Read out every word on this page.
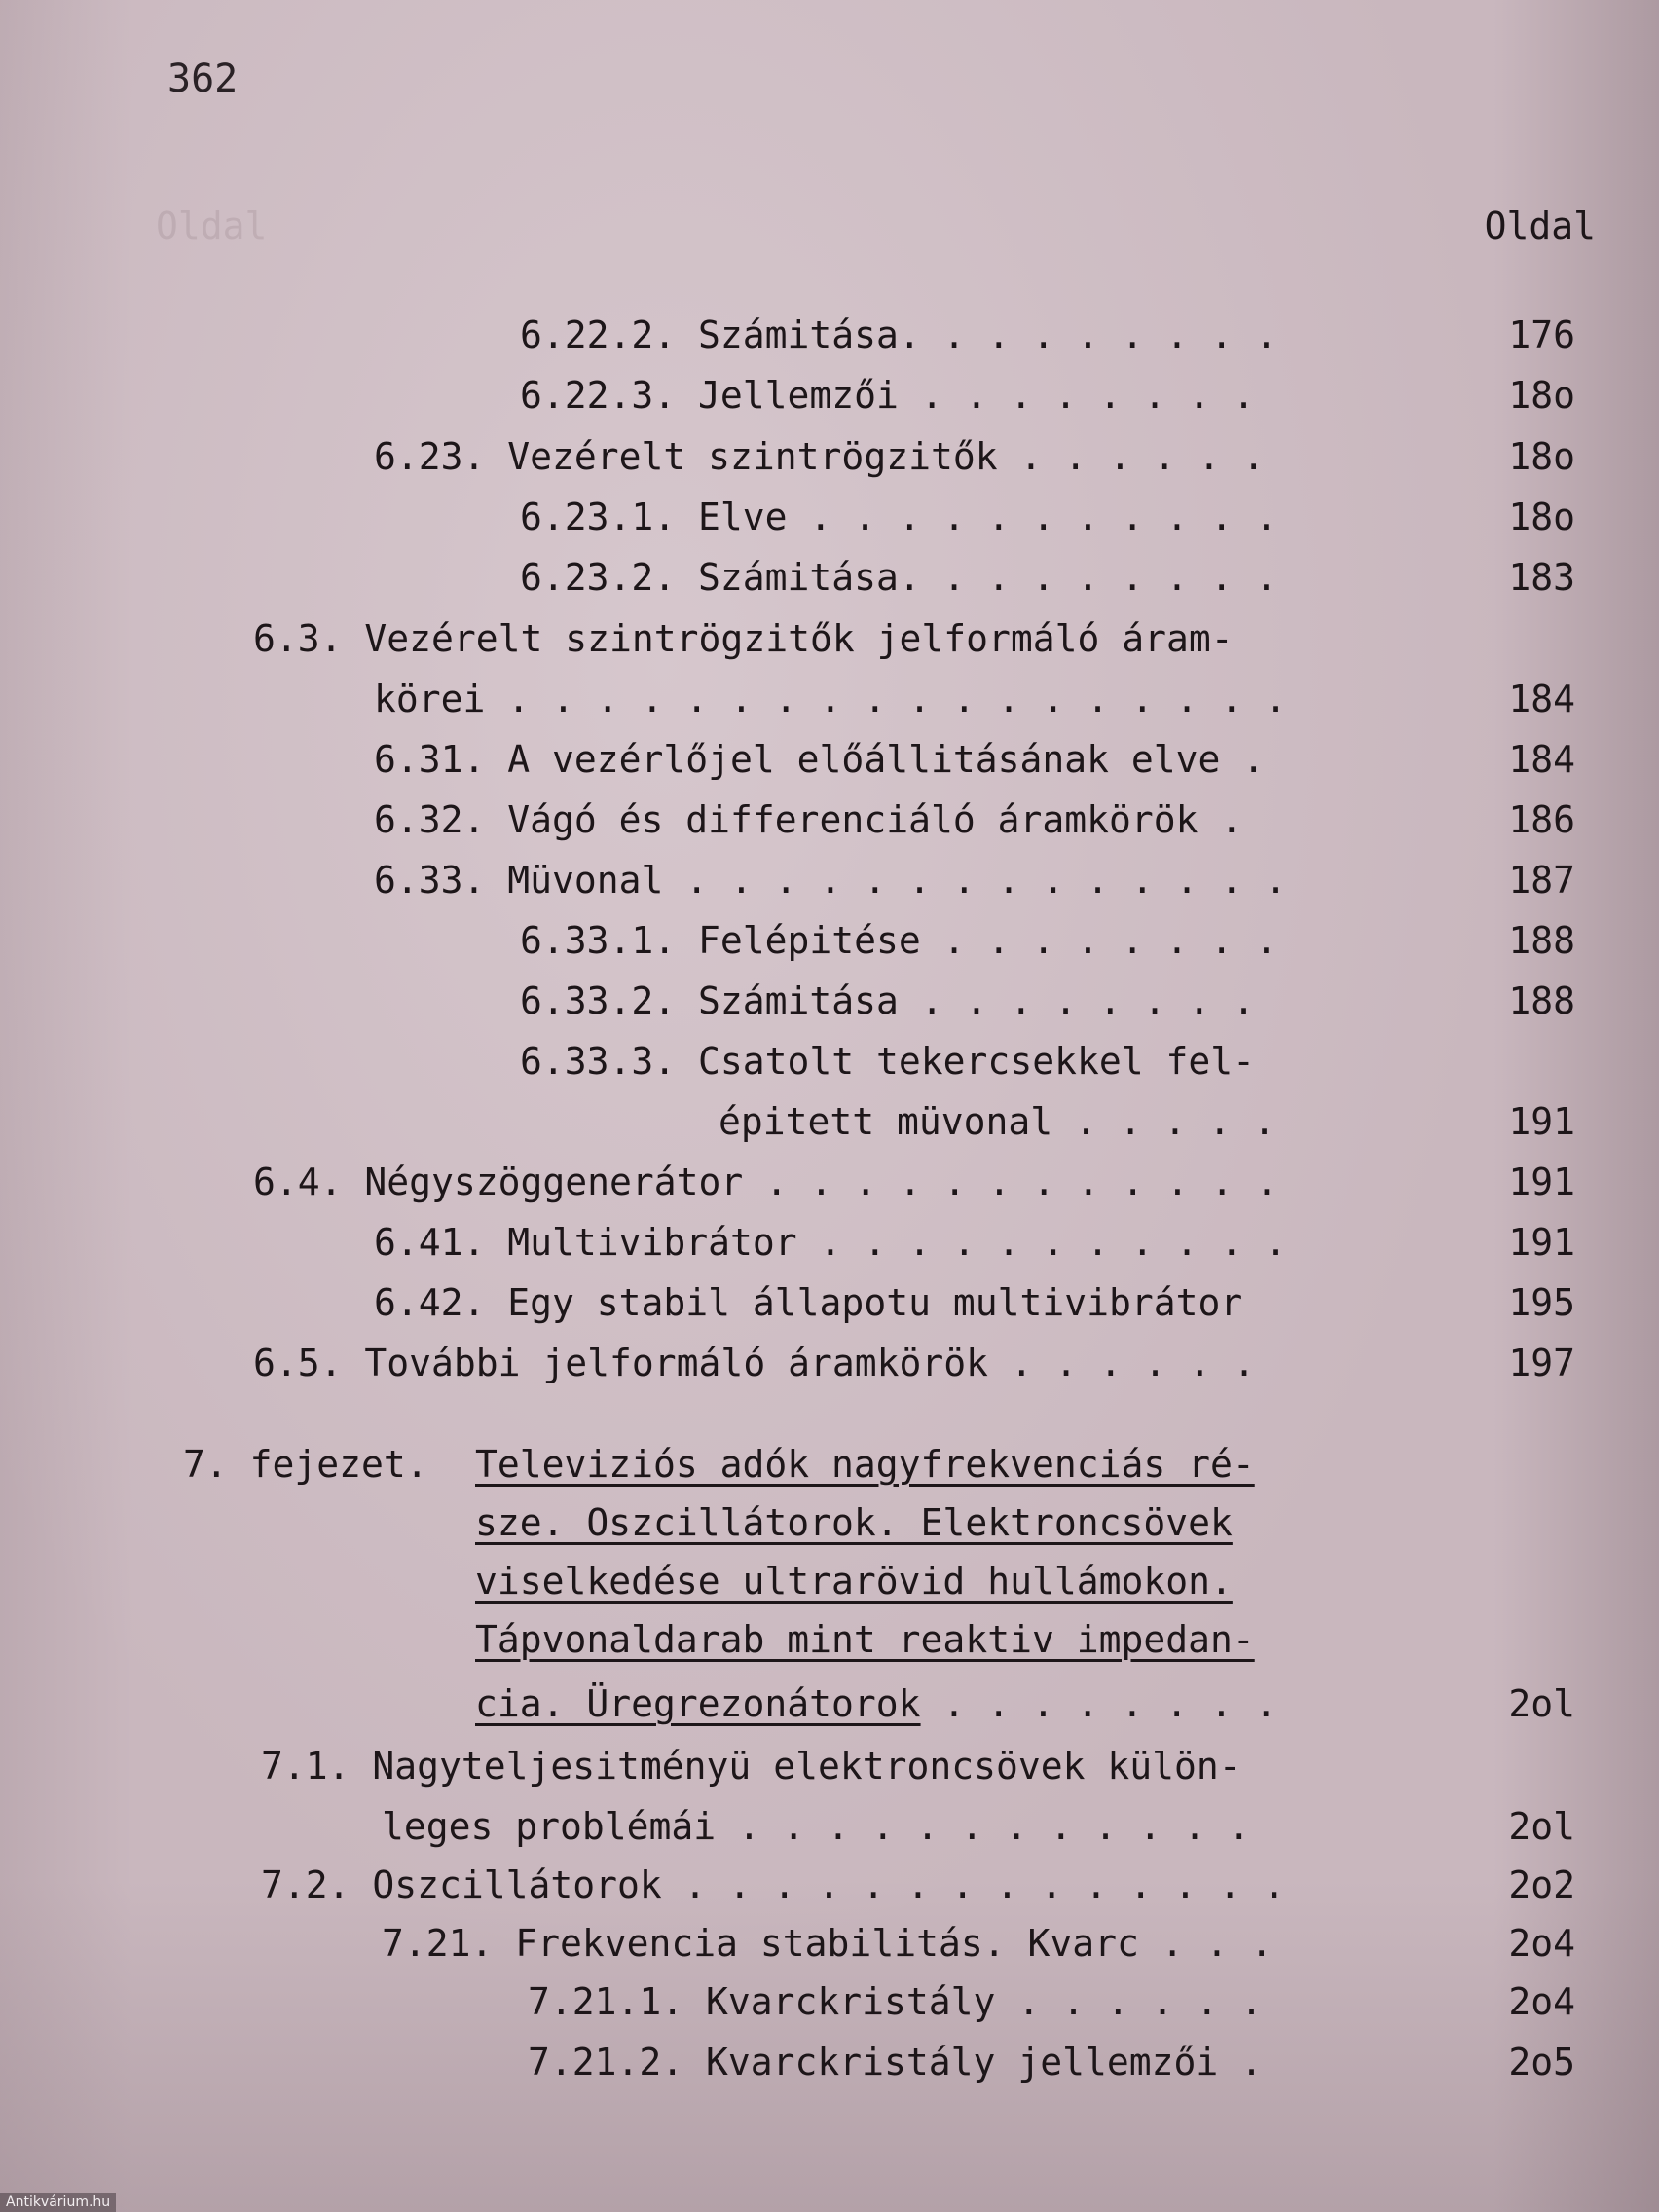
Oldal
362
Oldal
6.22.2. Számitása. . . . . . . . .	176
6.22.3. Jellemzői . . . . . . . .	18o
6.23. Vezérelt szintrögzitők . . . . . .	18o
6.23.1. Elve . . . . . . . . . . .	18o
6.23.2. Számitása. . . . . . . . .	183
6.3. Vezérelt szintrögzitők jelformáló áram-
körei . . . . . . . . . . . . . . . . . .	184
6.31. A vezérlőjel előállitásának elve .	184
6.32. Vágó és differenciáló áramkörök .	186
6.33. Müvonal . . . . . . . . . . . . . .	187
6.33.1. Felépitése . . . . . . . .	188
6.33.2. Számitása . . . . . . . .	188
6.33.3. Csatolt tekercsekkel fel-
épitett müvonal . . . . .	191
6.4. Négyszöggenerátor . . . . . . . . . . . .	191
6.41. Multivibrátor . . . . . . . . . . .	191
6.42. Egy stabil állapotu multivibrátor	195
6.5. További jelformáló áramkörök . . . . . .	197
7. fejezet. Televiziós adók nagyfrekvenciás ré-
sze. Oszcillátorok. Elektroncsövek
viselkedése ultrarövid hullámokon.
Tápvonaldarab mint reaktiv impedan-
cia. Üregrezonátorok . . . . . . . .	2ol
7.1. Nagyteljesitményü elektroncsövek külön-
leges problémái . . . . . . . . . . . .	2ol
7.2. Oszcillátorok . . . . . . . . . . . . . .	2o2
7.21. Frekvencia stabilitás. Kvarc . . .	2o4
7.21.1. Kvarckristály . . . . . .	2o4
7.21.2. Kvarckristály jellemzői .	2o5
Antikvárium.hu
